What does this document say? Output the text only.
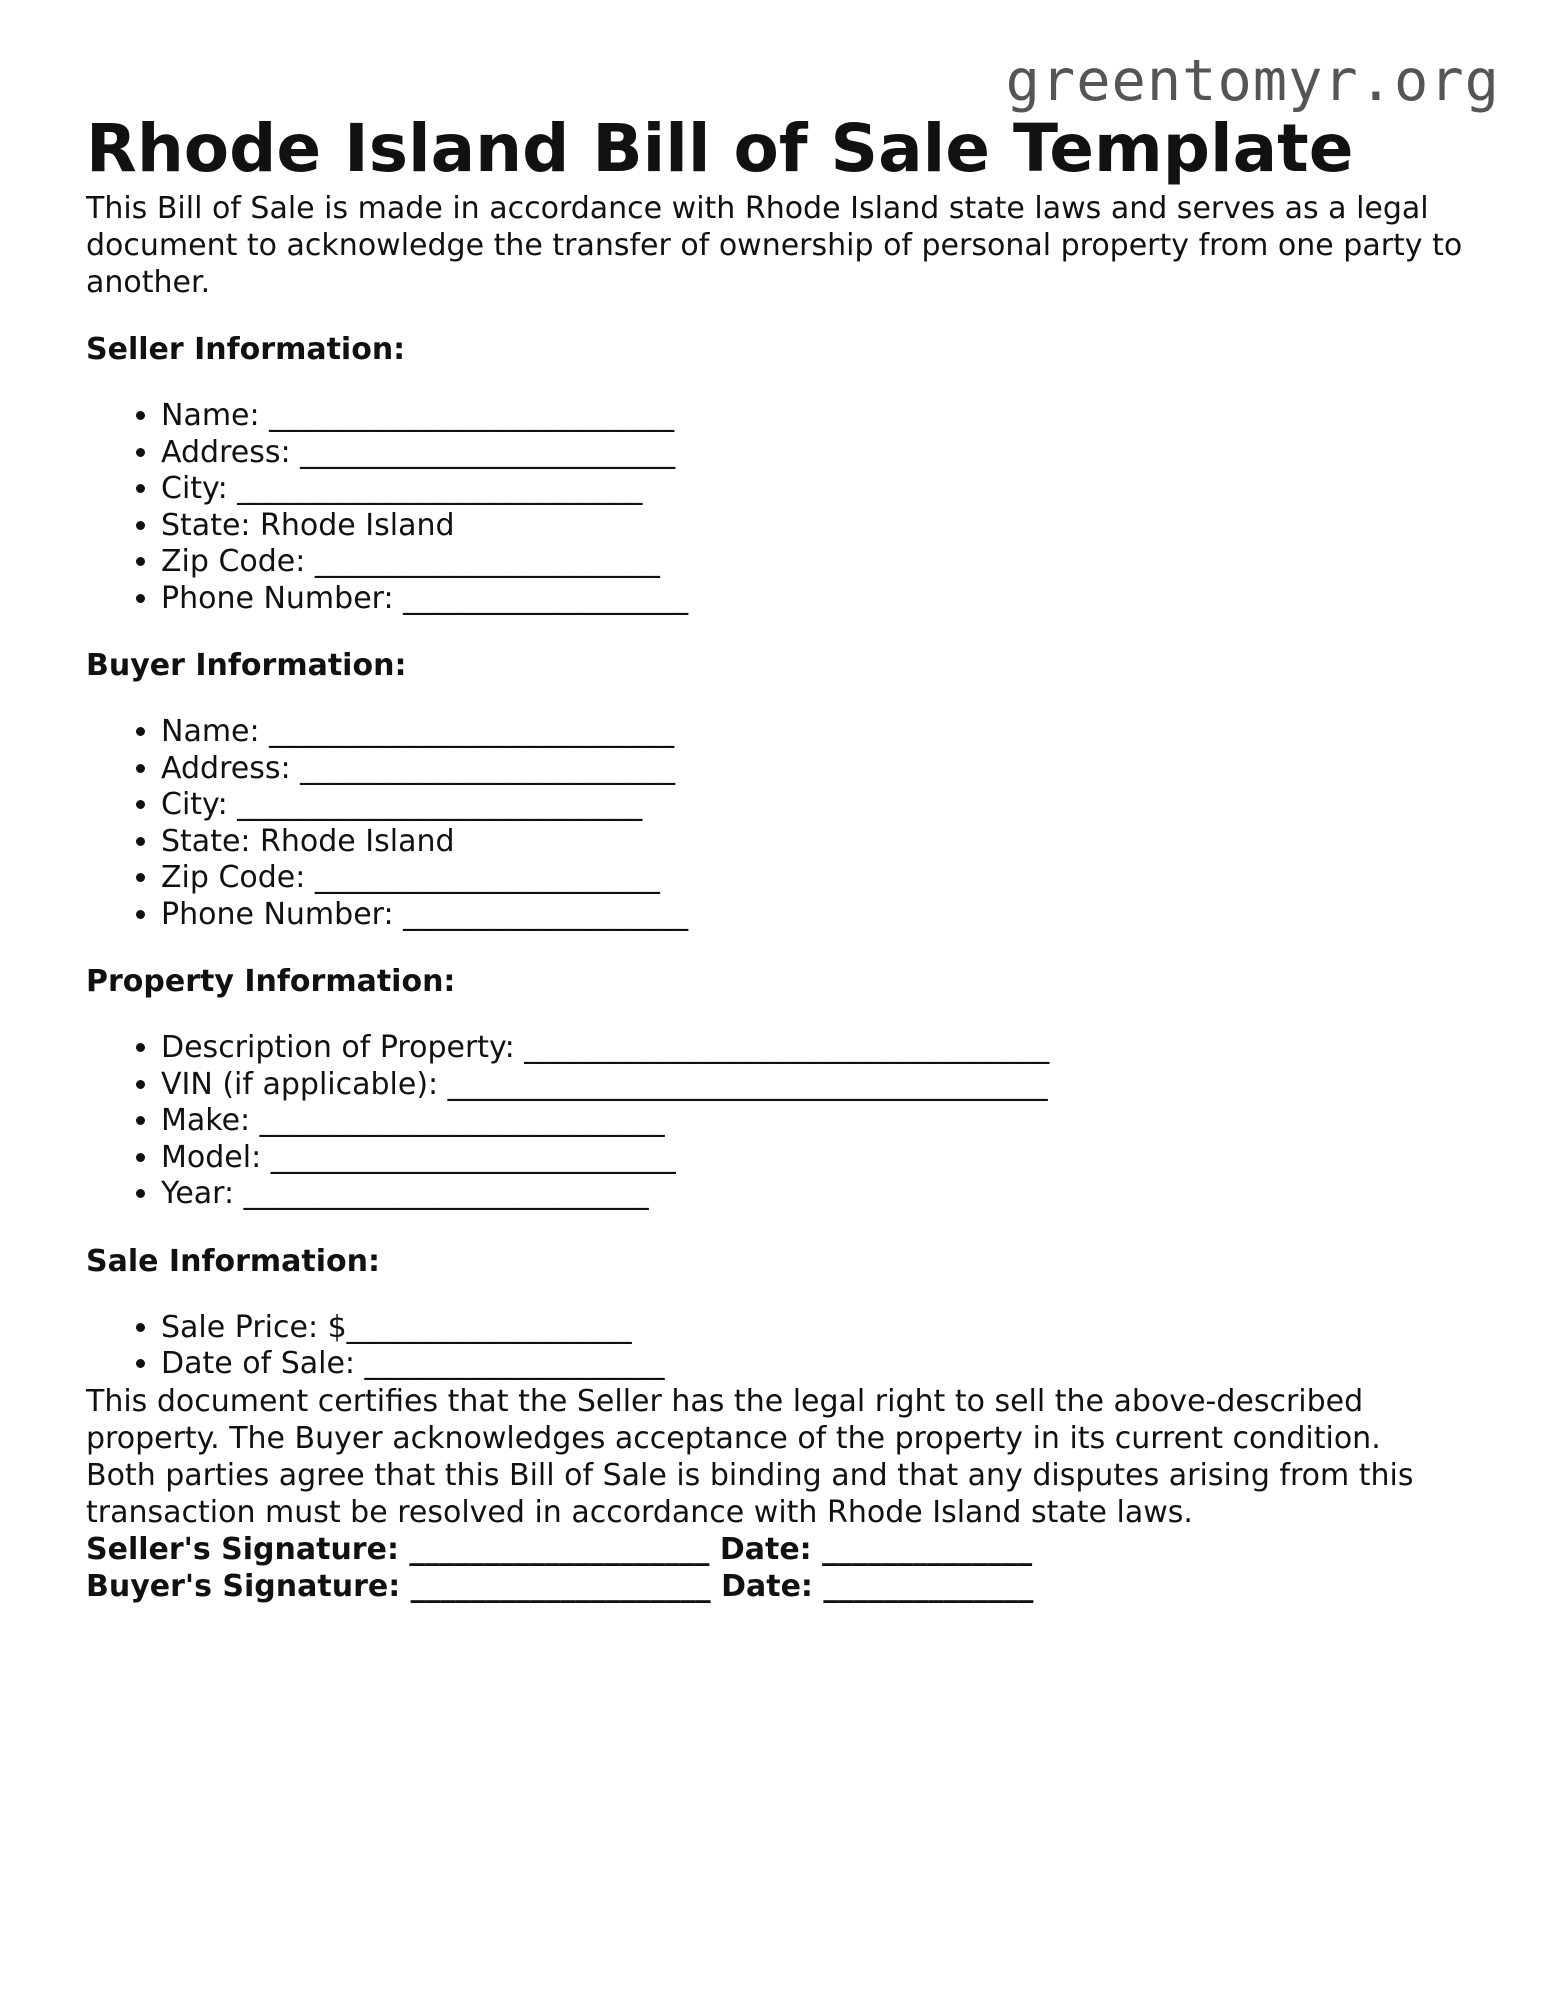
greentomyr.org
Rhode Island Bill of Sale Template

This Bill of Sale is made in accordance with Rhode Island state laws and serves as a legal document to acknowledge the transfer of ownership of personal property from one party to another.

Seller Information:
• Name: ___________________________
• Address: _________________________
• City: ___________________________
• State: Rhode Island
• Zip Code: _______________________
• Phone Number: ___________________
Buyer Information:
• Name: ___________________________
• Address: _________________________
• City: ___________________________
• State: Rhode Island
• Zip Code: _______________________
• Phone Number: ___________________
Property Information:
• Description of Property: ___________________________________
• VIN (if applicable): ________________________________________
• Make: ___________________________
• Model: ___________________________
• Year: ___________________________
Sale Information:
• Sale Price: $___________________
• Date of Sale: ____________________

This document certifies that the Seller has the legal right to sell the above-described property. The Buyer acknowledges acceptance of the property in its current condition.

Both parties agree that this Bill of Sale is binding and that any disputes arising from this transaction must be resolved in accordance with Rhode Island state laws.

Seller's Signature: ____________________ Date: ______________

Buyer's Signature: ____________________ Date: ______________
